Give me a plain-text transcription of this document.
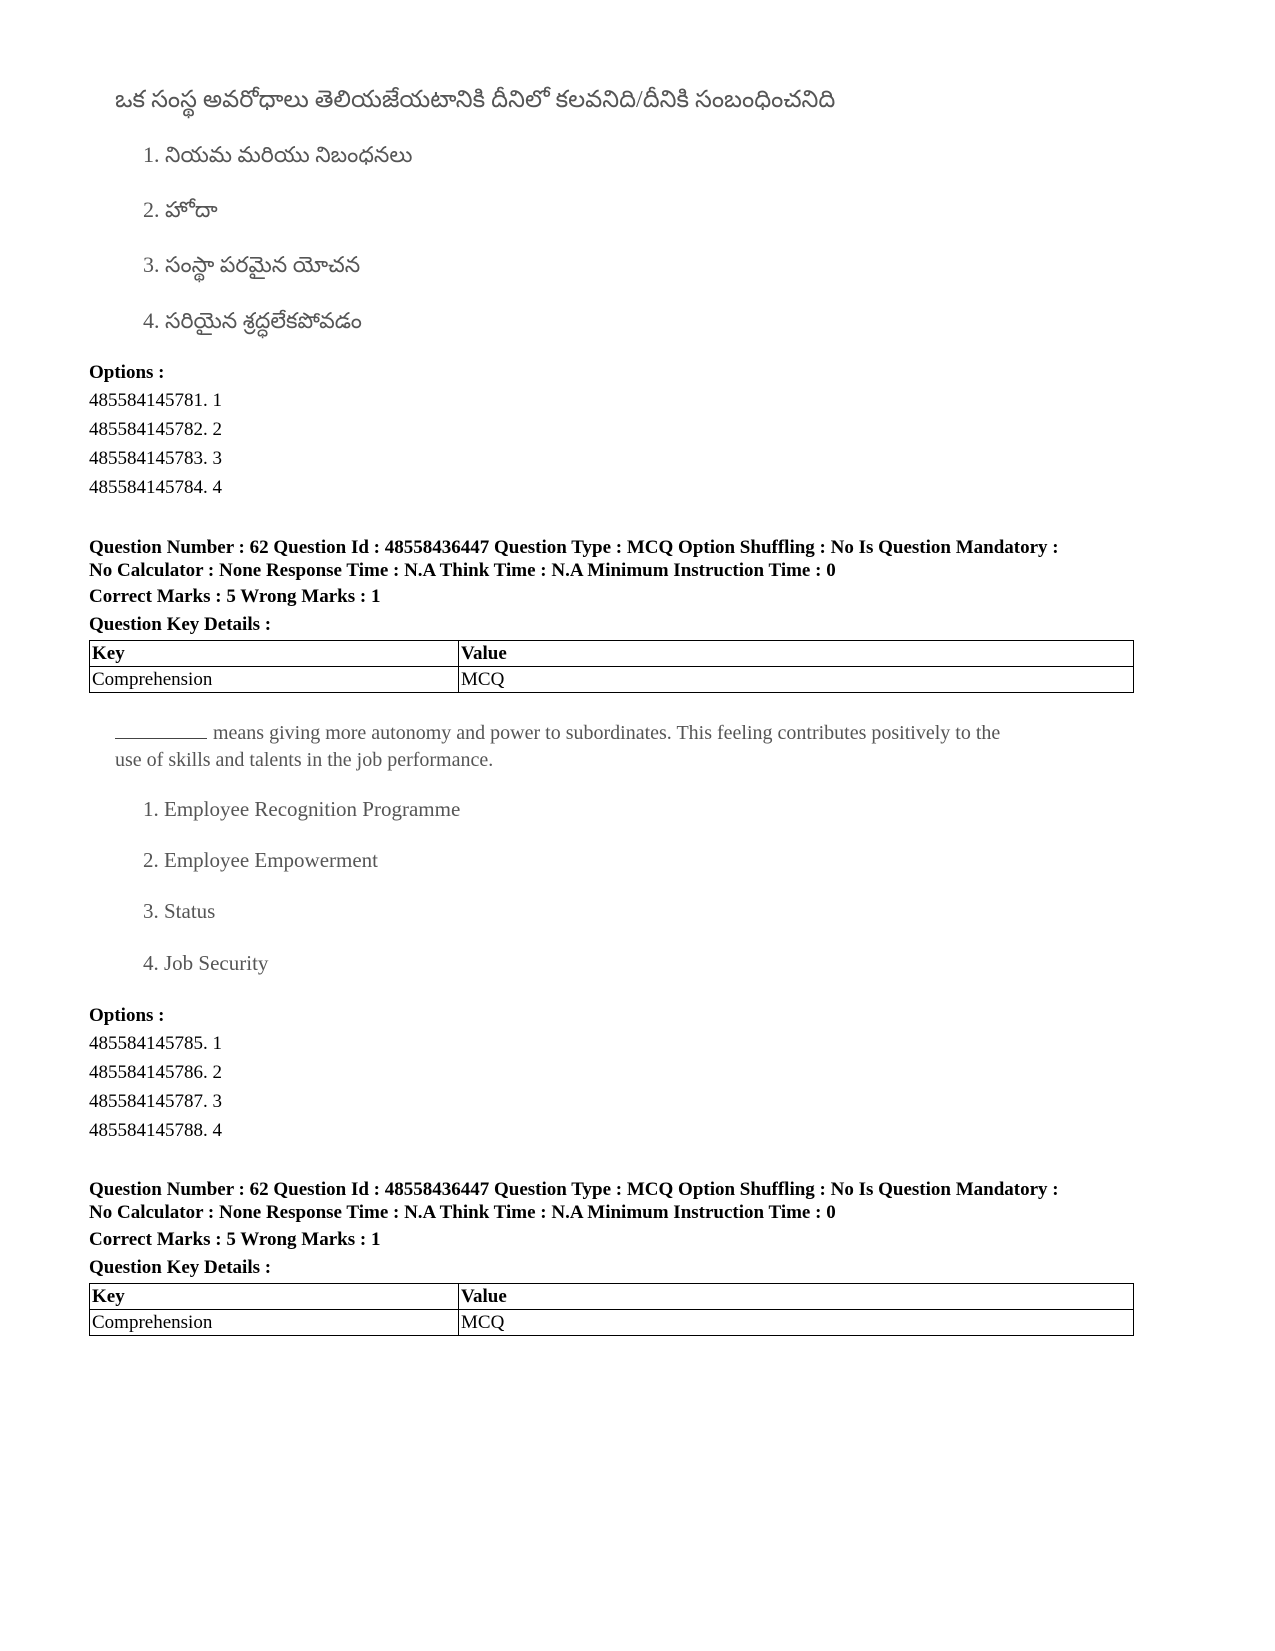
ఒక సంస్థ అవరోధాలు తెలియజేయటానికి దీనిలో కలవనిది/దీనికి సంబంధించనిది
1. నియమ మరియు నిబంధనలు
2. హోదా
3. సంస్థా పరమైన యోచన
4. సరియైన శ్రద్ధలేకపోవడం
Options :
485584145781. 1
485584145782. 2
485584145783. 3
485584145784. 4
Question Number : 62 Question Id : 48558436447 Question Type : MCQ Option Shuffling : No Is Question Mandatory :
No Calculator : None Response Time : N.A Think Time : N.A Minimum Instruction Time : 0
Correct Marks : 5 Wrong Marks : 1
Question Key Details :
Key	Value
Comprehension	MCQ
means giving more autonomy and power to subordinates. This feeling contributes positively to the
use of skills and talents in the job performance.
1. Employee Recognition Programme
2. Employee Empowerment
3. Status
4. Job Security
Options :
485584145785. 1
485584145786. 2
485584145787. 3
485584145788. 4
Question Number : 62 Question Id : 48558436447 Question Type : MCQ Option Shuffling : No Is Question Mandatory :
No Calculator : None Response Time : N.A Think Time : N.A Minimum Instruction Time : 0
Correct Marks : 5 Wrong Marks : 1
Question Key Details :
Key	Value
Comprehension	MCQ
